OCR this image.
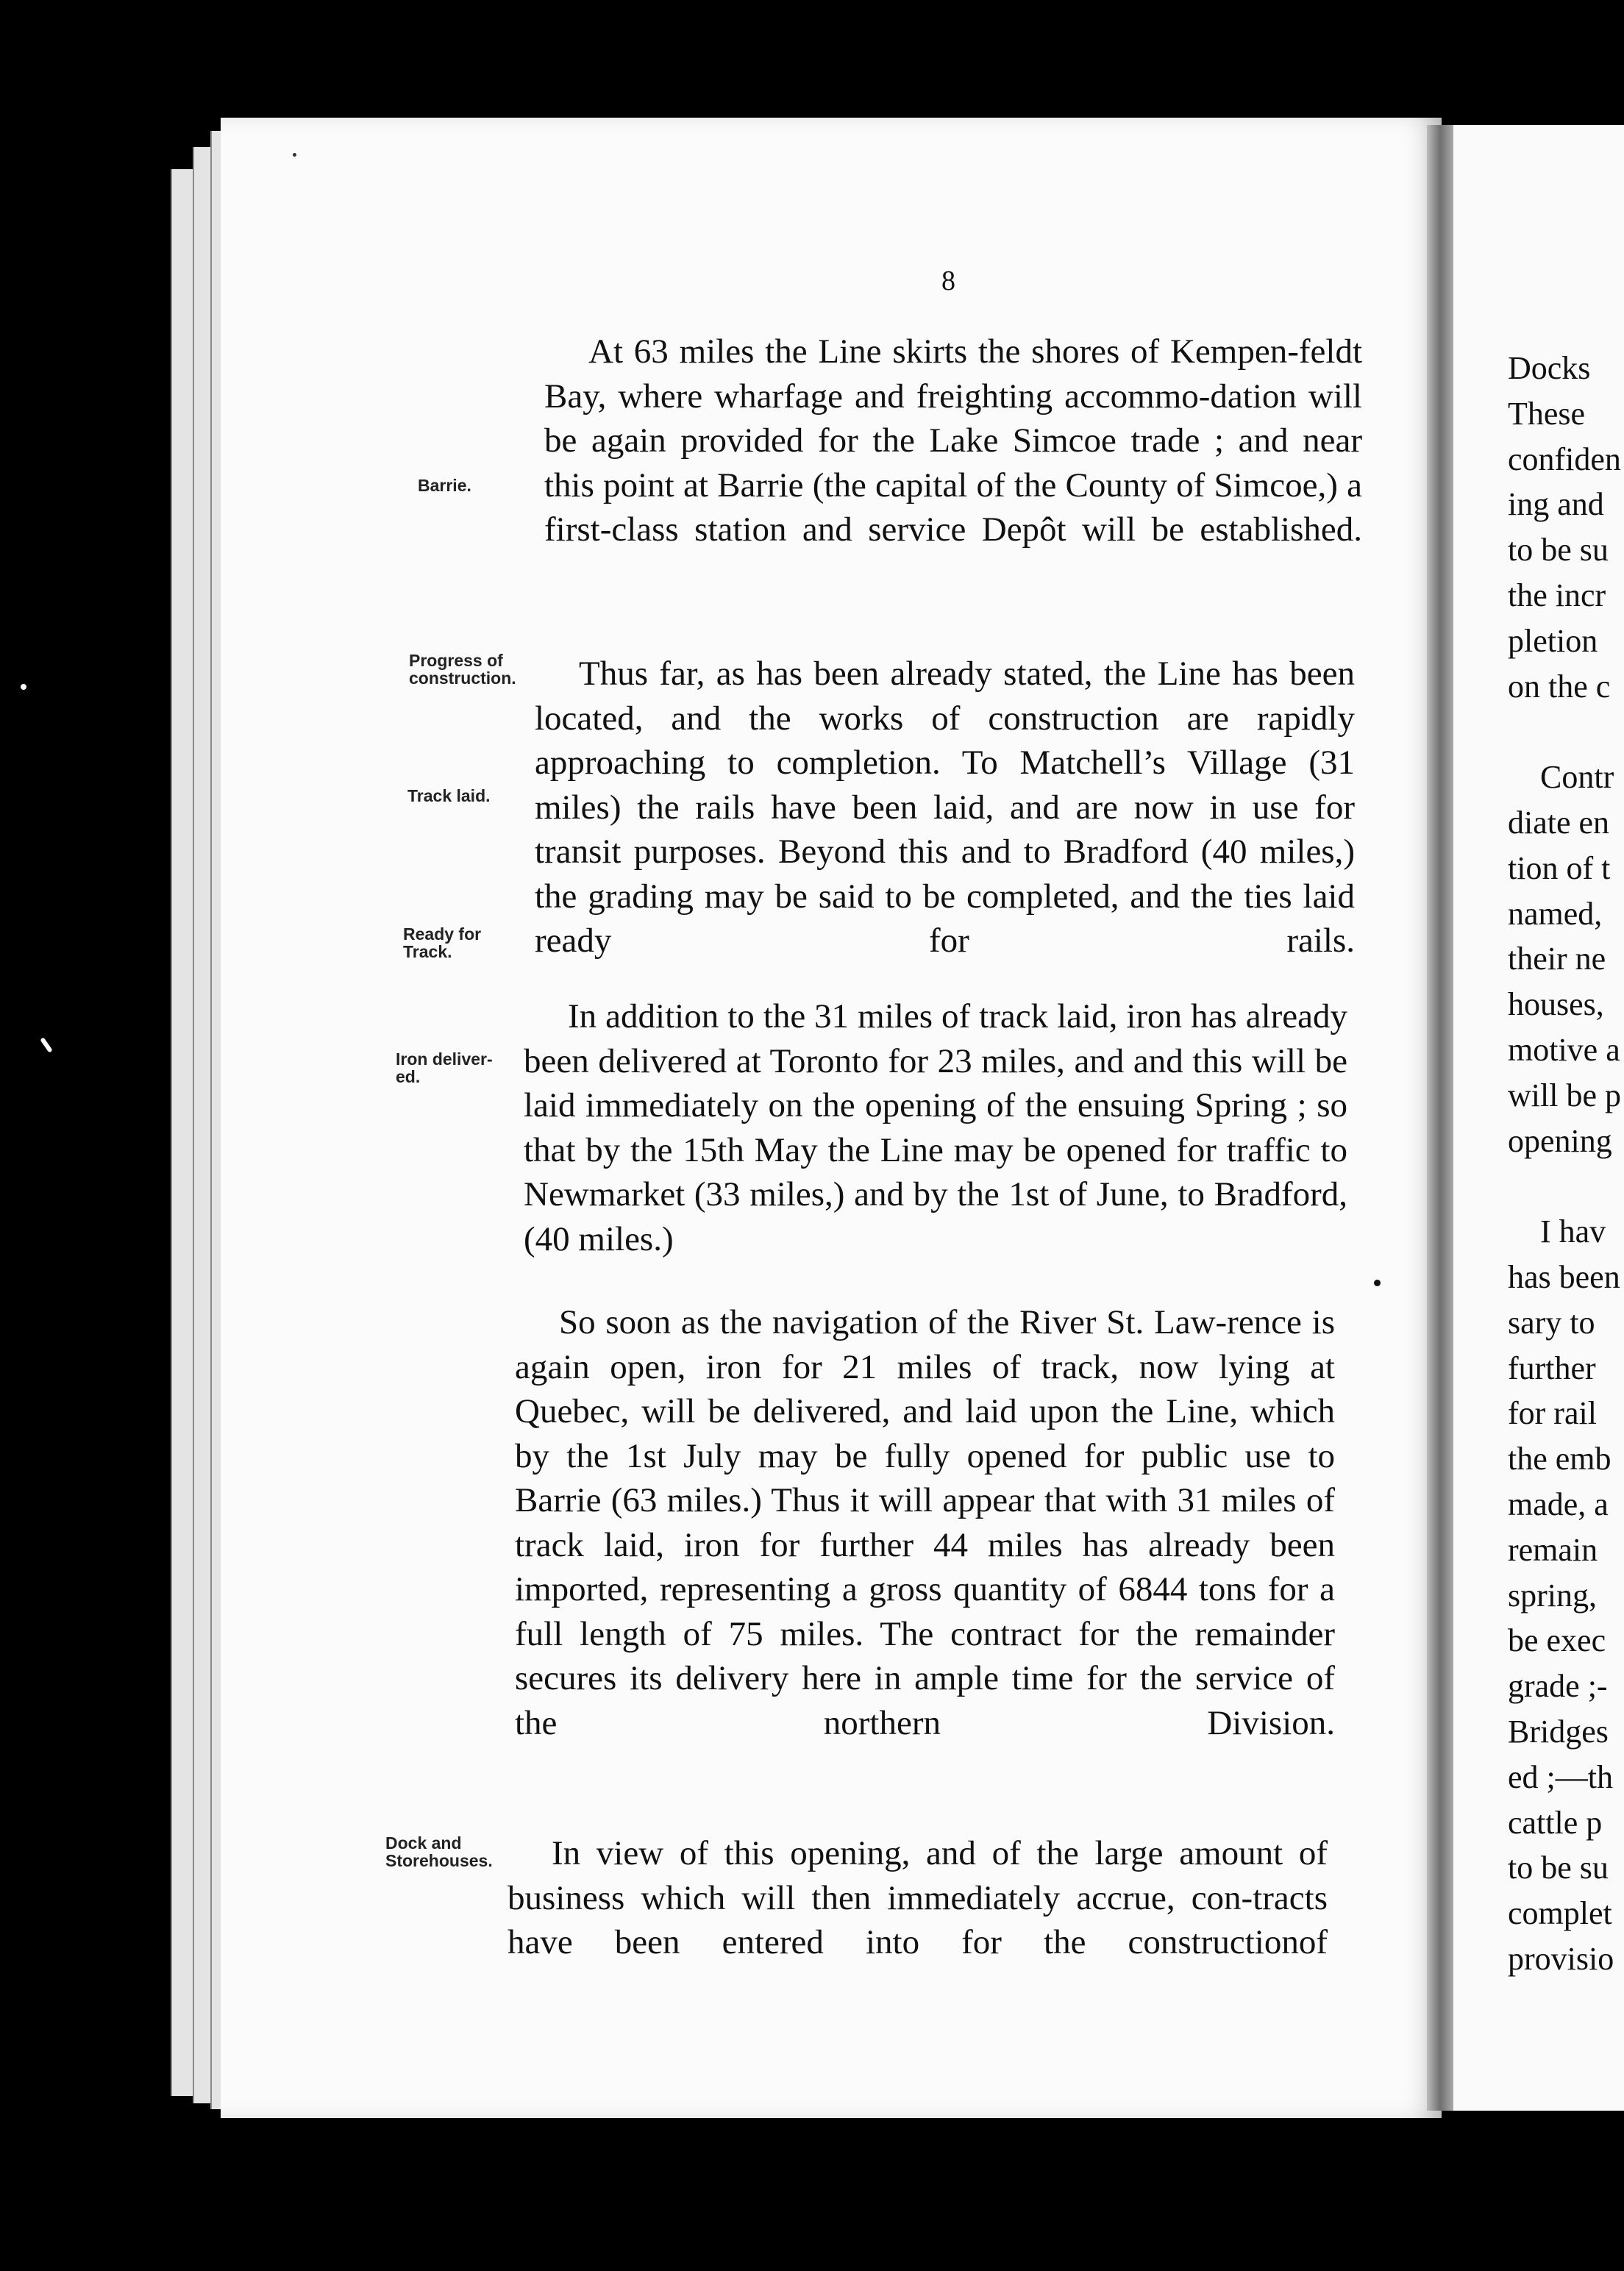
8

At 63 miles the Line skirts the shores of Kempen-feldt Bay, where wharfage and freighting accommo-dation will be again provided for the Lake Simcoe trade ; and near this point at Barrie (the capital of the County of Simcoe,) a first-class station and service Depôt will be established.

Thus far, as has been already stated, the Line has been located, and the works of construction are rapidly approaching to completion. To Matchell’s Village (31 miles) the rails have been laid, and are now in use for transit purposes. Beyond this and to Bradford (40 miles,) the grading may be said to be completed, and the ties laid ready for rails.

In addition to the 31 miles of track laid, iron has already been delivered at Toronto for 23 miles, and and this will be laid immediately on the opening of the ensuing Spring ; so that by the 15th May the Line may be opened for traffic to Newmarket (33 miles,) and by the 1st of June, to Bradford, (40 miles.)

So soon as the navigation of the River St. Law-rence is again open, iron for 21 miles of track, now lying at Quebec, will be delivered, and laid upon the Line, which by the 1st July may be fully opened for public use to Barrie (63 miles.) Thus it will appear that with 31 miles of track laid, iron for further 44 miles has already been imported, representing a gross quantity of 6844 tons for a full length of 75 miles. The contract for the remainder secures its delivery here in ample time for the service of the northern Division.

In view of this opening, and of the large amount of business which will then immediately accrue, con-tracts have been entered into for the constructionof

Barrie.
Progress of construction.
Track laid.
Ready for Track.
Iron deliver-ed.
Dock and Storehouses.
Docks
These
confiden
ing and
to be su
the incr
pletion
on the c

Contr
diate en
tion of t
named,
their ne
houses,
motive a
will be p
opening

I hav
has been
sary to
further
for rail
the emb
made, a
remain
spring,
be exec
grade ;-
Bridges
ed ;—th
cattle p
to be su
complet
provisio
